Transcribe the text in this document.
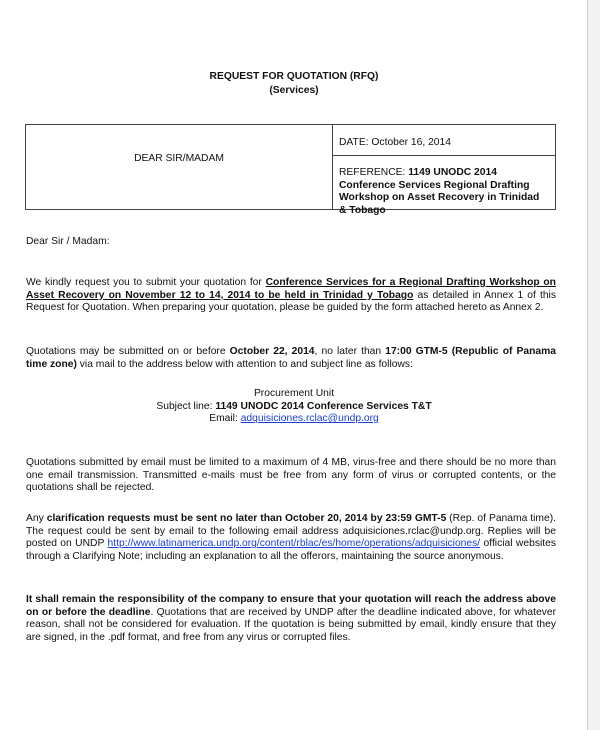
REQUEST FOR QUOTATION (RFQ)
(Services)
DEAR SIR/MADAM
DATE: October 16, 2014
REFERENCE: 1149 UNODC 2014 Conference Services Regional Drafting Workshop on Asset Recovery in Trinidad & Tobago
Dear Sir / Madam:
We kindly request you to submit your quotation for Conference Services for a Regional Drafting Workshop on Asset Recovery on November 12 to 14, 2014 to be held in Trinidad y Tobago as detailed in Annex 1 of this Request for Quotation. When preparing your quotation, please be guided by the form attached hereto as Annex 2.
Quotations may be submitted on or before October 22, 2014, no later than 17:00 GTM-5 (Republic of Panama time zone) via mail to the address below with attention to and subject line as follows:
Procurement Unit
Subject line: 1149 UNODC 2014 Conference Services T&T
Email: adquisiciones.rclac@undp.org
Quotations submitted by email must be limited to a maximum of 4 MB, virus-free and there should be no more than one email transmission. Transmitted e-mails must be free from any form of virus or corrupted contents, or the quotations shall be rejected.
Any clarification requests must be sent no later than October 20, 2014 by 23:59 GMT-5 (Rep. of Panama time). The request could be sent by email to the following email address adquisiciones.rclac@undp.org. Replies will be posted on UNDP http://www.latinamerica.undp.org/content/rblac/es/home/operations/adquisiciones/ official websites through a Clarifying Note; including an explanation to all the offerors, maintaining the source anonymous.
It shall remain the responsibility of the company to ensure that your quotation will reach the address above on or before the deadline. Quotations that are received by UNDP after the deadline indicated above, for whatever reason, shall not be considered for evaluation. If the quotation is being submitted by email, kindly ensure that they are signed, in the .pdf format, and free from any virus or corrupted files.
